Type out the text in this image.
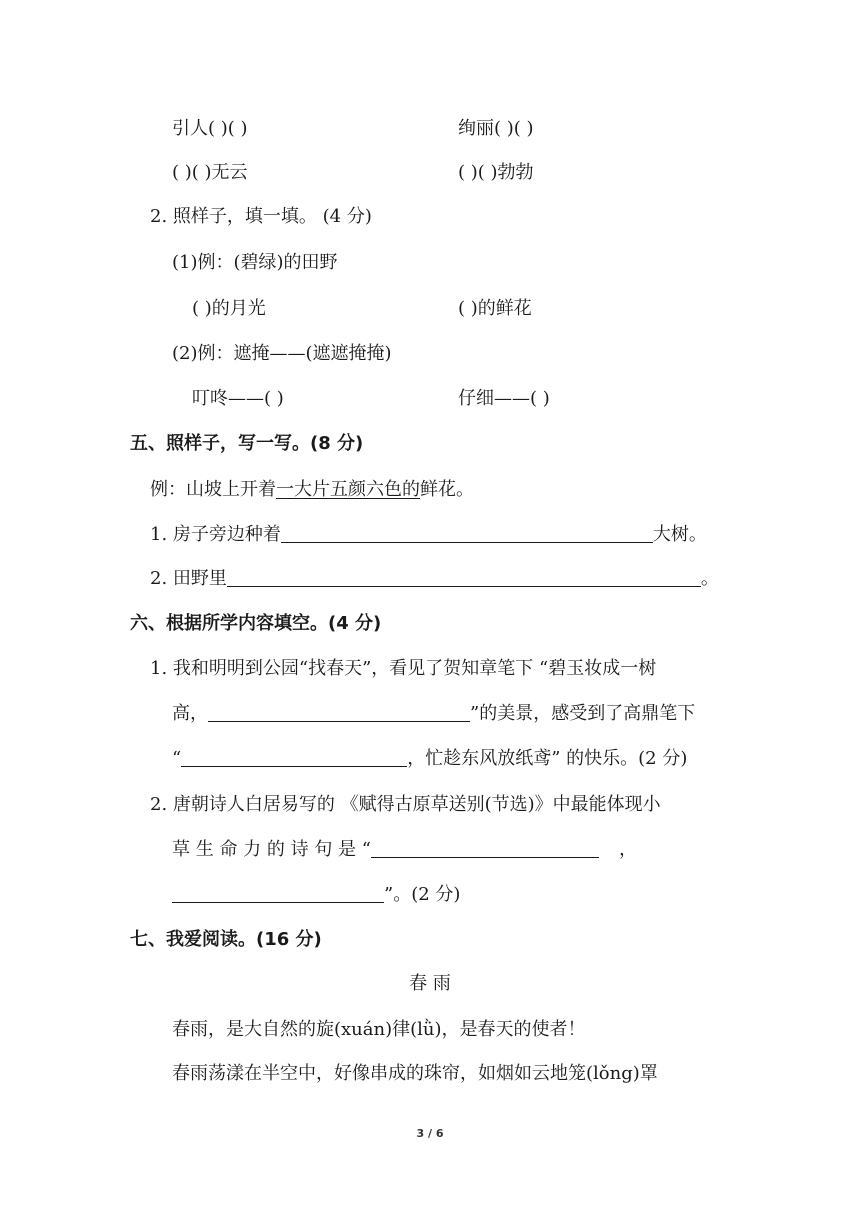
引人( )( )	绚丽( )( )
( )( )无云	( )( )勃勃
2. 照样子，填一填。 (4 分)
(1)例：(碧绿)的田野
( )的月光	( )的鲜花
(2)例：遮掩——(遮遮掩掩)
叮咚——( )	仔细——( )
五、照样子，写一写。(8 分)
例：山坡上开着一大片五颜六色的鲜花。
1. 房子旁边种着	大树。
2. 田野里	。
六、根据所学内容填空。(4 分)
1. 我和明明到公园“找春天”，看见了贺知章笔下 “碧玉妆成一树
高，	”的美景，感受到了高鼎笔下
“	，忙趁东风放纸鸢” 的快乐。(2 分)
2. 唐朝诗人白居易写的 《赋得古原草送别(节选)》中最能体现小
草 生 命 力 的 诗 句 是 “	，
”。(2 分)
七、我爱阅读。(16 分)
春 雨
春雨，是大自然的旋(xuán)律(lǜ)，是春天的使者！
春雨荡漾在半空中，好像串成的珠帘，如烟如云地笼(lǒng)罩
3 / 6
